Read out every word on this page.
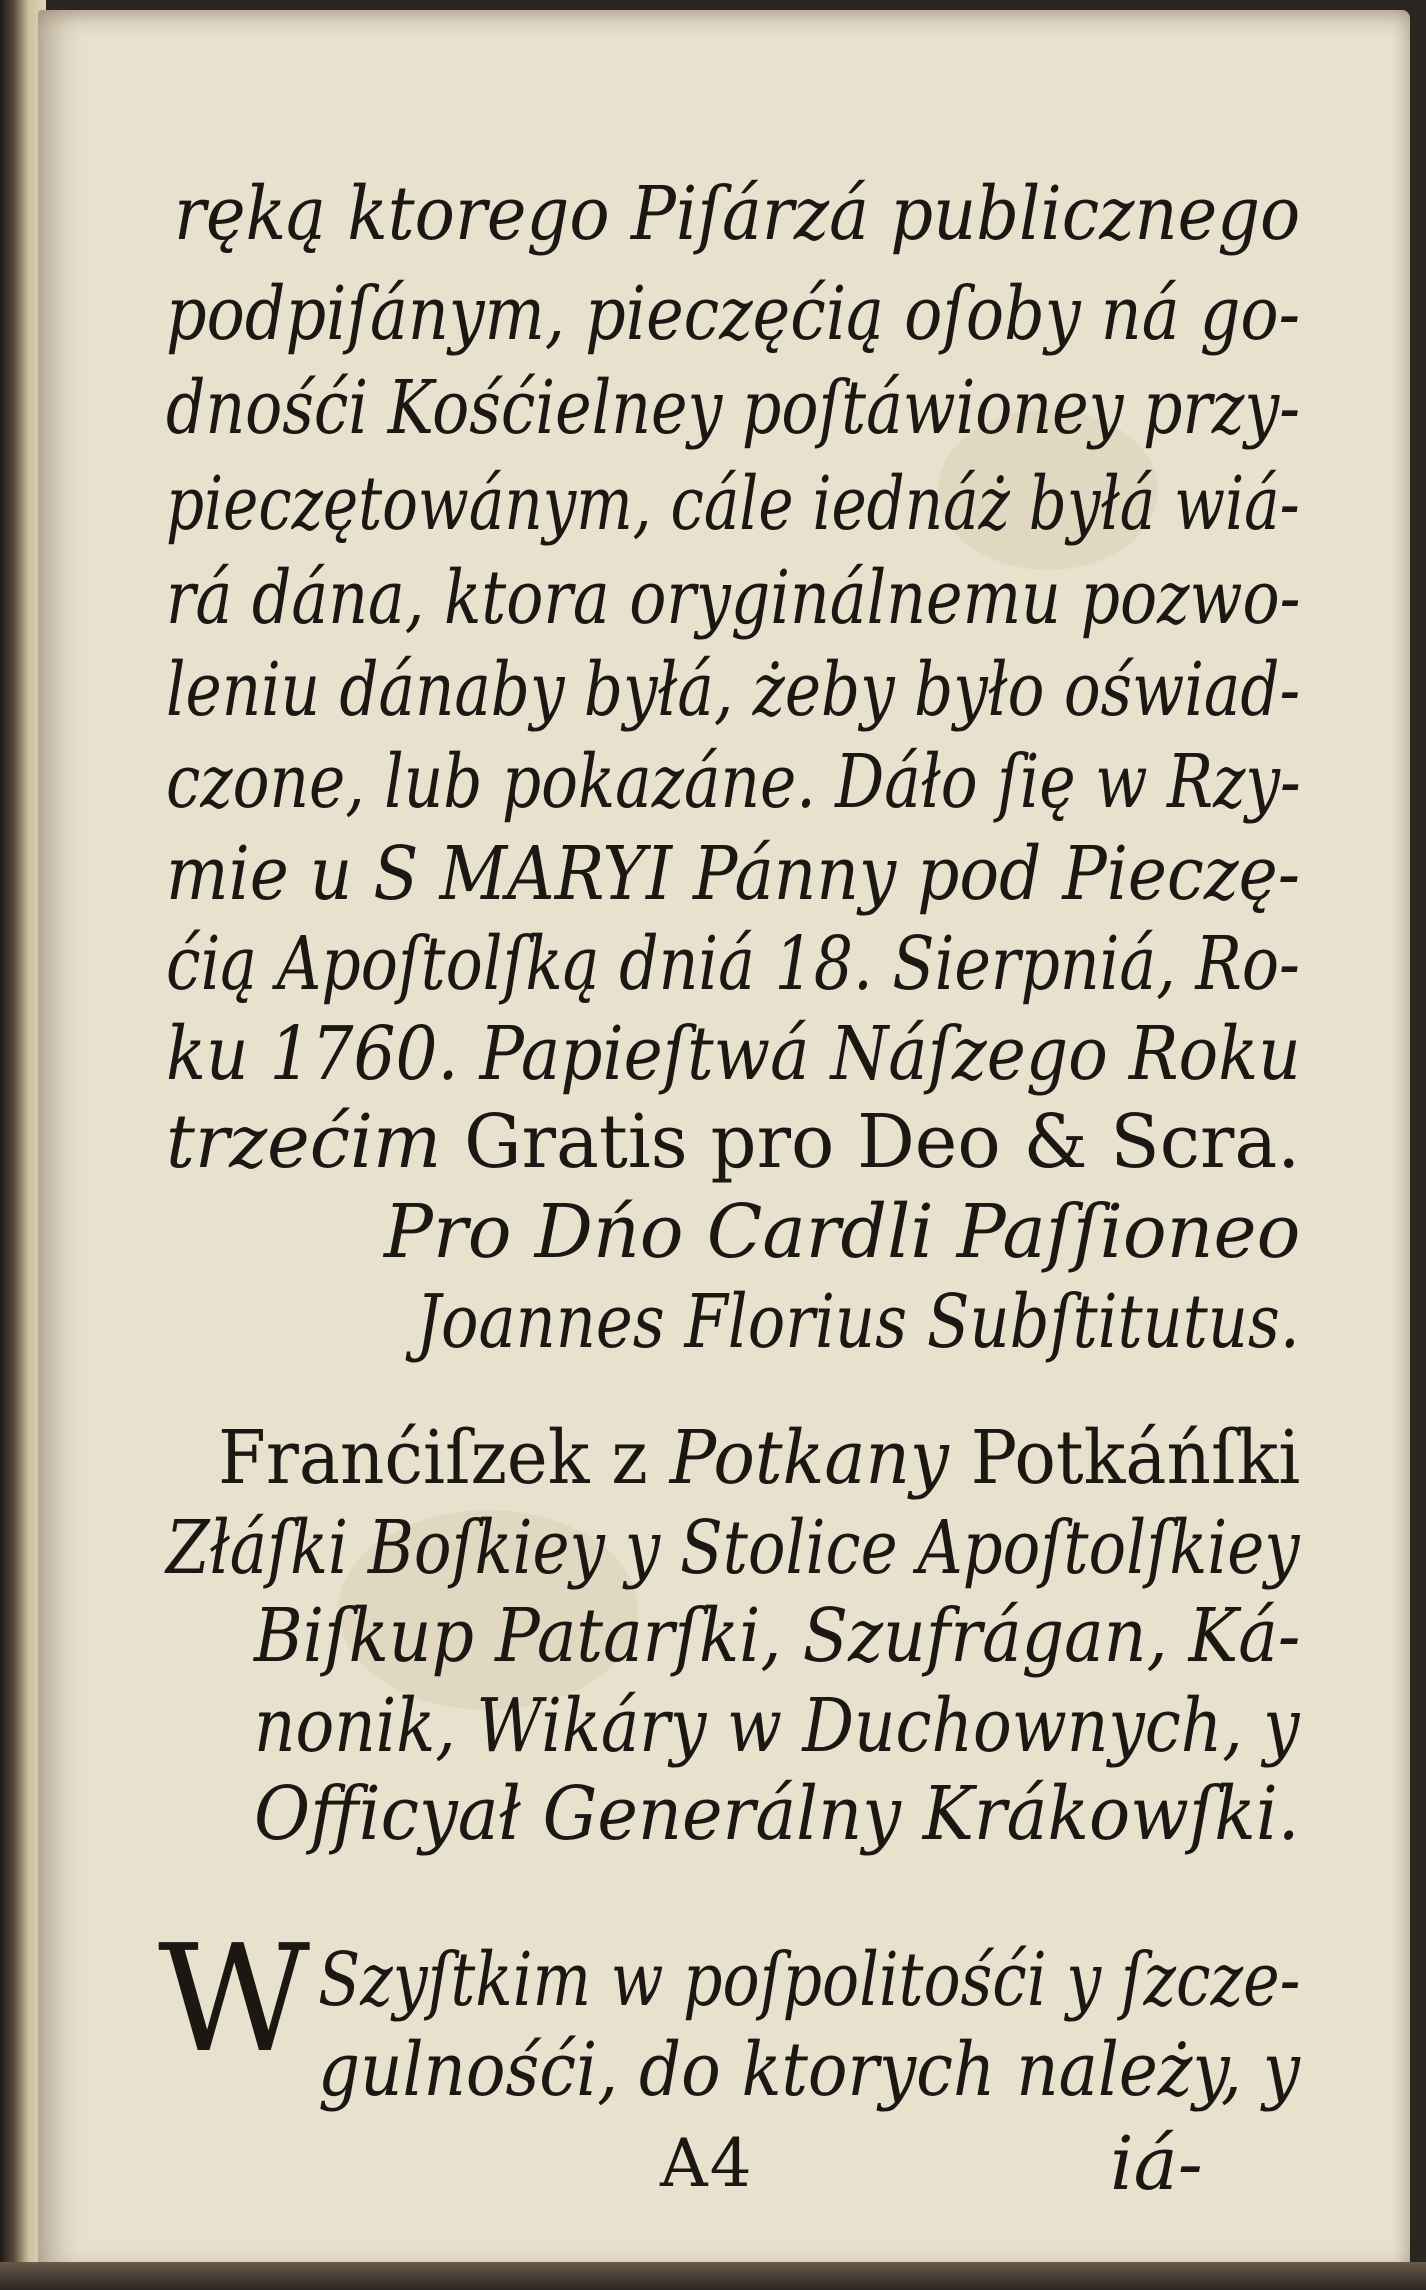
ręką ktorego Piſárzá publicznego
podpiſánym, pieczęćią oſoby ná go-
dnośći Kośćielney poſtáwioney przy-
pieczętowánym, cále iednáż byłá wiá-
rá dána, ktora oryginálnemu pozwo-
leniu dánaby byłá, żeby było oświad-
czone, lub pokazáne. Dáło ſię w Rzy-
mie u S MARYI Pánny pod Pieczę-
ćią Apoſtolſką dniá 18. Sierpniá, Ro-
ku 1760. Papieſtwá Náſzego Roku
trzećim Gratis pro Deo & Scra.
Pro Dńo Cardli Paſſioneo
Joannes Florius Subſtitutus.
Franćiſzek z Potkany Potkáńſki
Złáſki Boſkiey y Stolice Apoſtolſkiey
Biſkup Patarſki, Szufrágan, Ká-
nonik, Wikáry w Duchownych, y
Officyał Generálny Krákowſki.
W Szyſtkim w poſpolitośći y ſzcze-
gulnośći, do ktorych należy, y
A4	iá-
